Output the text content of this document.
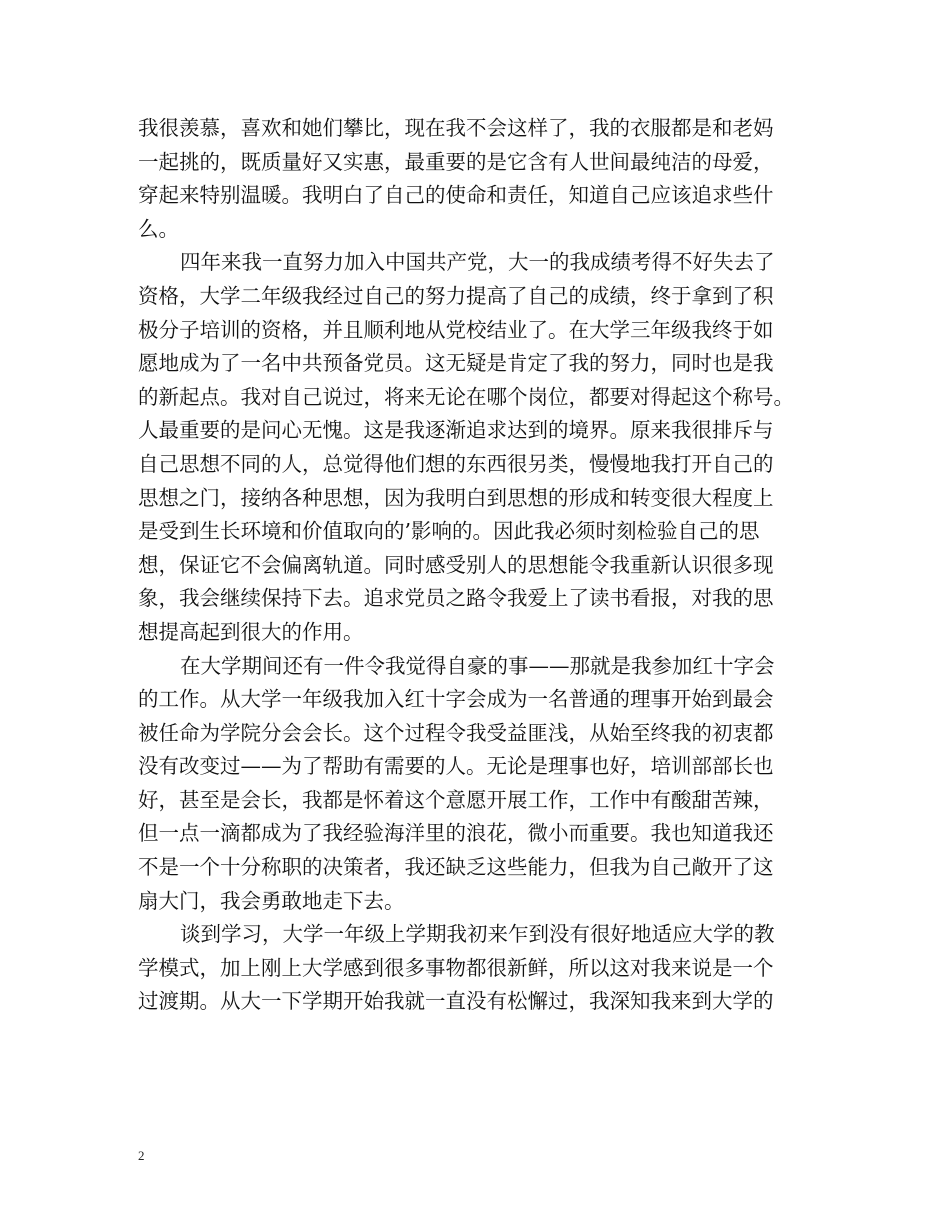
我很羡慕，喜欢和她们攀比，现在我不会这样了，我的衣服都是和老妈
一起挑的，既质量好又实惠，最重要的是它含有人世间最纯洁的母爱，
穿起来特别温暖。我明白了自己的使命和责任，知道自己应该追求些什
么。
四年来我一直努力加入中国共产党，大一的我成绩考得不好失去了
资格，大学二年级我经过自己的努力提高了自己的成绩，终于拿到了积
极分子培训的资格，并且顺利地从党校结业了。在大学三年级我终于如
愿地成为了一名中共预备党员。这无疑是肯定了我的努力，同时也是我
的新起点。我对自己说过，将来无论在哪个岗位，都要对得起这个称号。
人最重要的是问心无愧。这是我逐渐追求达到的境界。原来我很排斥与
自己思想不同的人，总觉得他们想的东西很另类，慢慢地我打开自己的
思想之门，接纳各种思想，因为我明白到思想的形成和转变很大程度上
是受到生长环境和价值取向的’影响的。因此我必须时刻检验自己的思
想，保证它不会偏离轨道。同时感受别人的思想能令我重新认识很多现
象，我会继续保持下去。追求党员之路令我爱上了读书看报，对我的思
想提高起到很大的作用。
在大学期间还有一件令我觉得自豪的事——那就是我参加红十字会
的工作。从大学一年级我加入红十字会成为一名普通的理事开始到最会
被任命为学院分会会长。这个过程令我受益匪浅，从始至终我的初衷都
没有改变过——为了帮助有需要的人。无论是理事也好，培训部部长也
好，甚至是会长，我都是怀着这个意愿开展工作，工作中有酸甜苦辣，
但一点一滴都成为了我经验海洋里的浪花，微小而重要。我也知道我还
不是一个十分称职的决策者，我还缺乏这些能力，但我为自己敞开了这
扇大门，我会勇敢地走下去。
谈到学习，大学一年级上学期我初来乍到没有很好地适应大学的教
学模式，加上刚上大学感到很多事物都很新鲜，所以这对我来说是一个
过渡期。从大一下学期开始我就一直没有松懈过，我深知我来到大学的
2
